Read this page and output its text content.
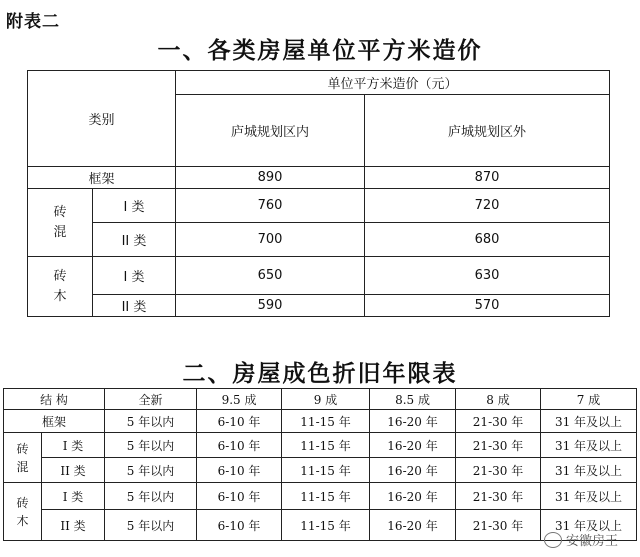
附表二
一、各类房屋单位平方米造价
类别		单位平方米造价（元）	
		庐城规划区内	庐城规划区外
框架		890	870
砖
混	I 类	760	720
	II 类	700	680
砖
木	I 类	650	630
	II 类	590	570
二、房屋成色折旧年限表
结 构		全新	9.5 成	9 成	8.5 成	8 成	7 成
框架		5 年以内	6-10 年	11-15 年	16-20 年	21-30 年	31 年及以上
砖
混	I 类	5 年以内	6-10 年	11-15 年	16-20 年	21-30 年	31 年及以上
	II 类	5 年以内	6-10 年	11-15 年	16-20 年	21-30 年	31 年及以上
砖
木	I 类	5 年以内	6-10 年	11-15 年	16-20 年	21-30 年	31 年及以上
	II 类	5 年以内	6-10 年	11-15 年	16-20 年	21-30 年	31 年及以上
安徽房王
